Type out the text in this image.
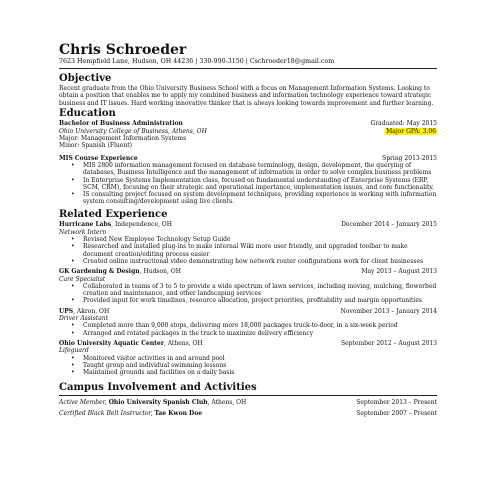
Chris Schroeder
7623 Hempfield Lane, Hudson, OH 44236 | 330-990-3150 | Cschroeder18@gmail.com
Objective
Recent graduate from the Ohio University Business School with a focus on Management Information Systems. Looking to obtain a position that enables me to apply my combined business and information technology experience toward strategic business and IT issues. Hard working innovative thinker that is always looking towards improvement and further learning.
Education
Bachelor of Business Administration	Graduated: May 2015
Ohio University College of Business, Athens, OH	Major GPA: 3.06
Major: Management Information Systems
Minor: Spanish (Fluent)
MIS Course Experience	Spring 2013-2015
• MIS 2800 information management focused on database terminology, design, development, the querying of databases, Business Intelligence and the management of information in order to solve complex business problems
• In Enterprise Systems Implementation class, focused on fundamental understanding of Enterprise Systems (ERP, SCM, CRM), focusing on their strategic and operational importance, implementation issues, and core functionality.
• IS consulting project focused on system development techniques, providing experience in working with information system consulting/development using live clients.
Related Experience
Hurricane Labs, Independence, OH	December 2014 – January 2015
Network Intern
• Revised New Employee Technology Setup Guide
• Researched and installed plug-ins to make internal Wiki more user friendly, and upgraded toolbar to make document creation/editing process easier
• Created online instructional video demonstrating how network router configurations work for client businesses
GK Gardening & Design, Hudson, OH	May 2013 – August 2013
Care Specialist
• Collaborated in teams of 3 to 5 to provide a wide spectrum of lawn services, including moving, mulching, flowerbed creation and maintenance, and other landscaping services
• Provided input for work timelines, resource allocation, project priorities, profitability and margin opportunities
UPS, Akron, OH	November 2013 – January 2014
Driver Assistant
• Completed more than 9,000 stops, delivering more 18,000 packages truck-to-door, in a six-week period
• Arranged and rotated packages in the truck to maximize delivery efficiency
Ohio University Aquatic Center, Athens, OH	September 2012 – August 2013
Lifeguard
• Monitored visitor activities in and around pool
• Taught group and individual swimming lessons
• Maintained grounds and facilities on a daily basis
Campus Involvement and Activities
Active Member, Ohio University Spanish Club, Athens, OH	September 2013 – Present
Certified Black Belt Instructor, Tae Kwon Doe	September 2007 – Present
